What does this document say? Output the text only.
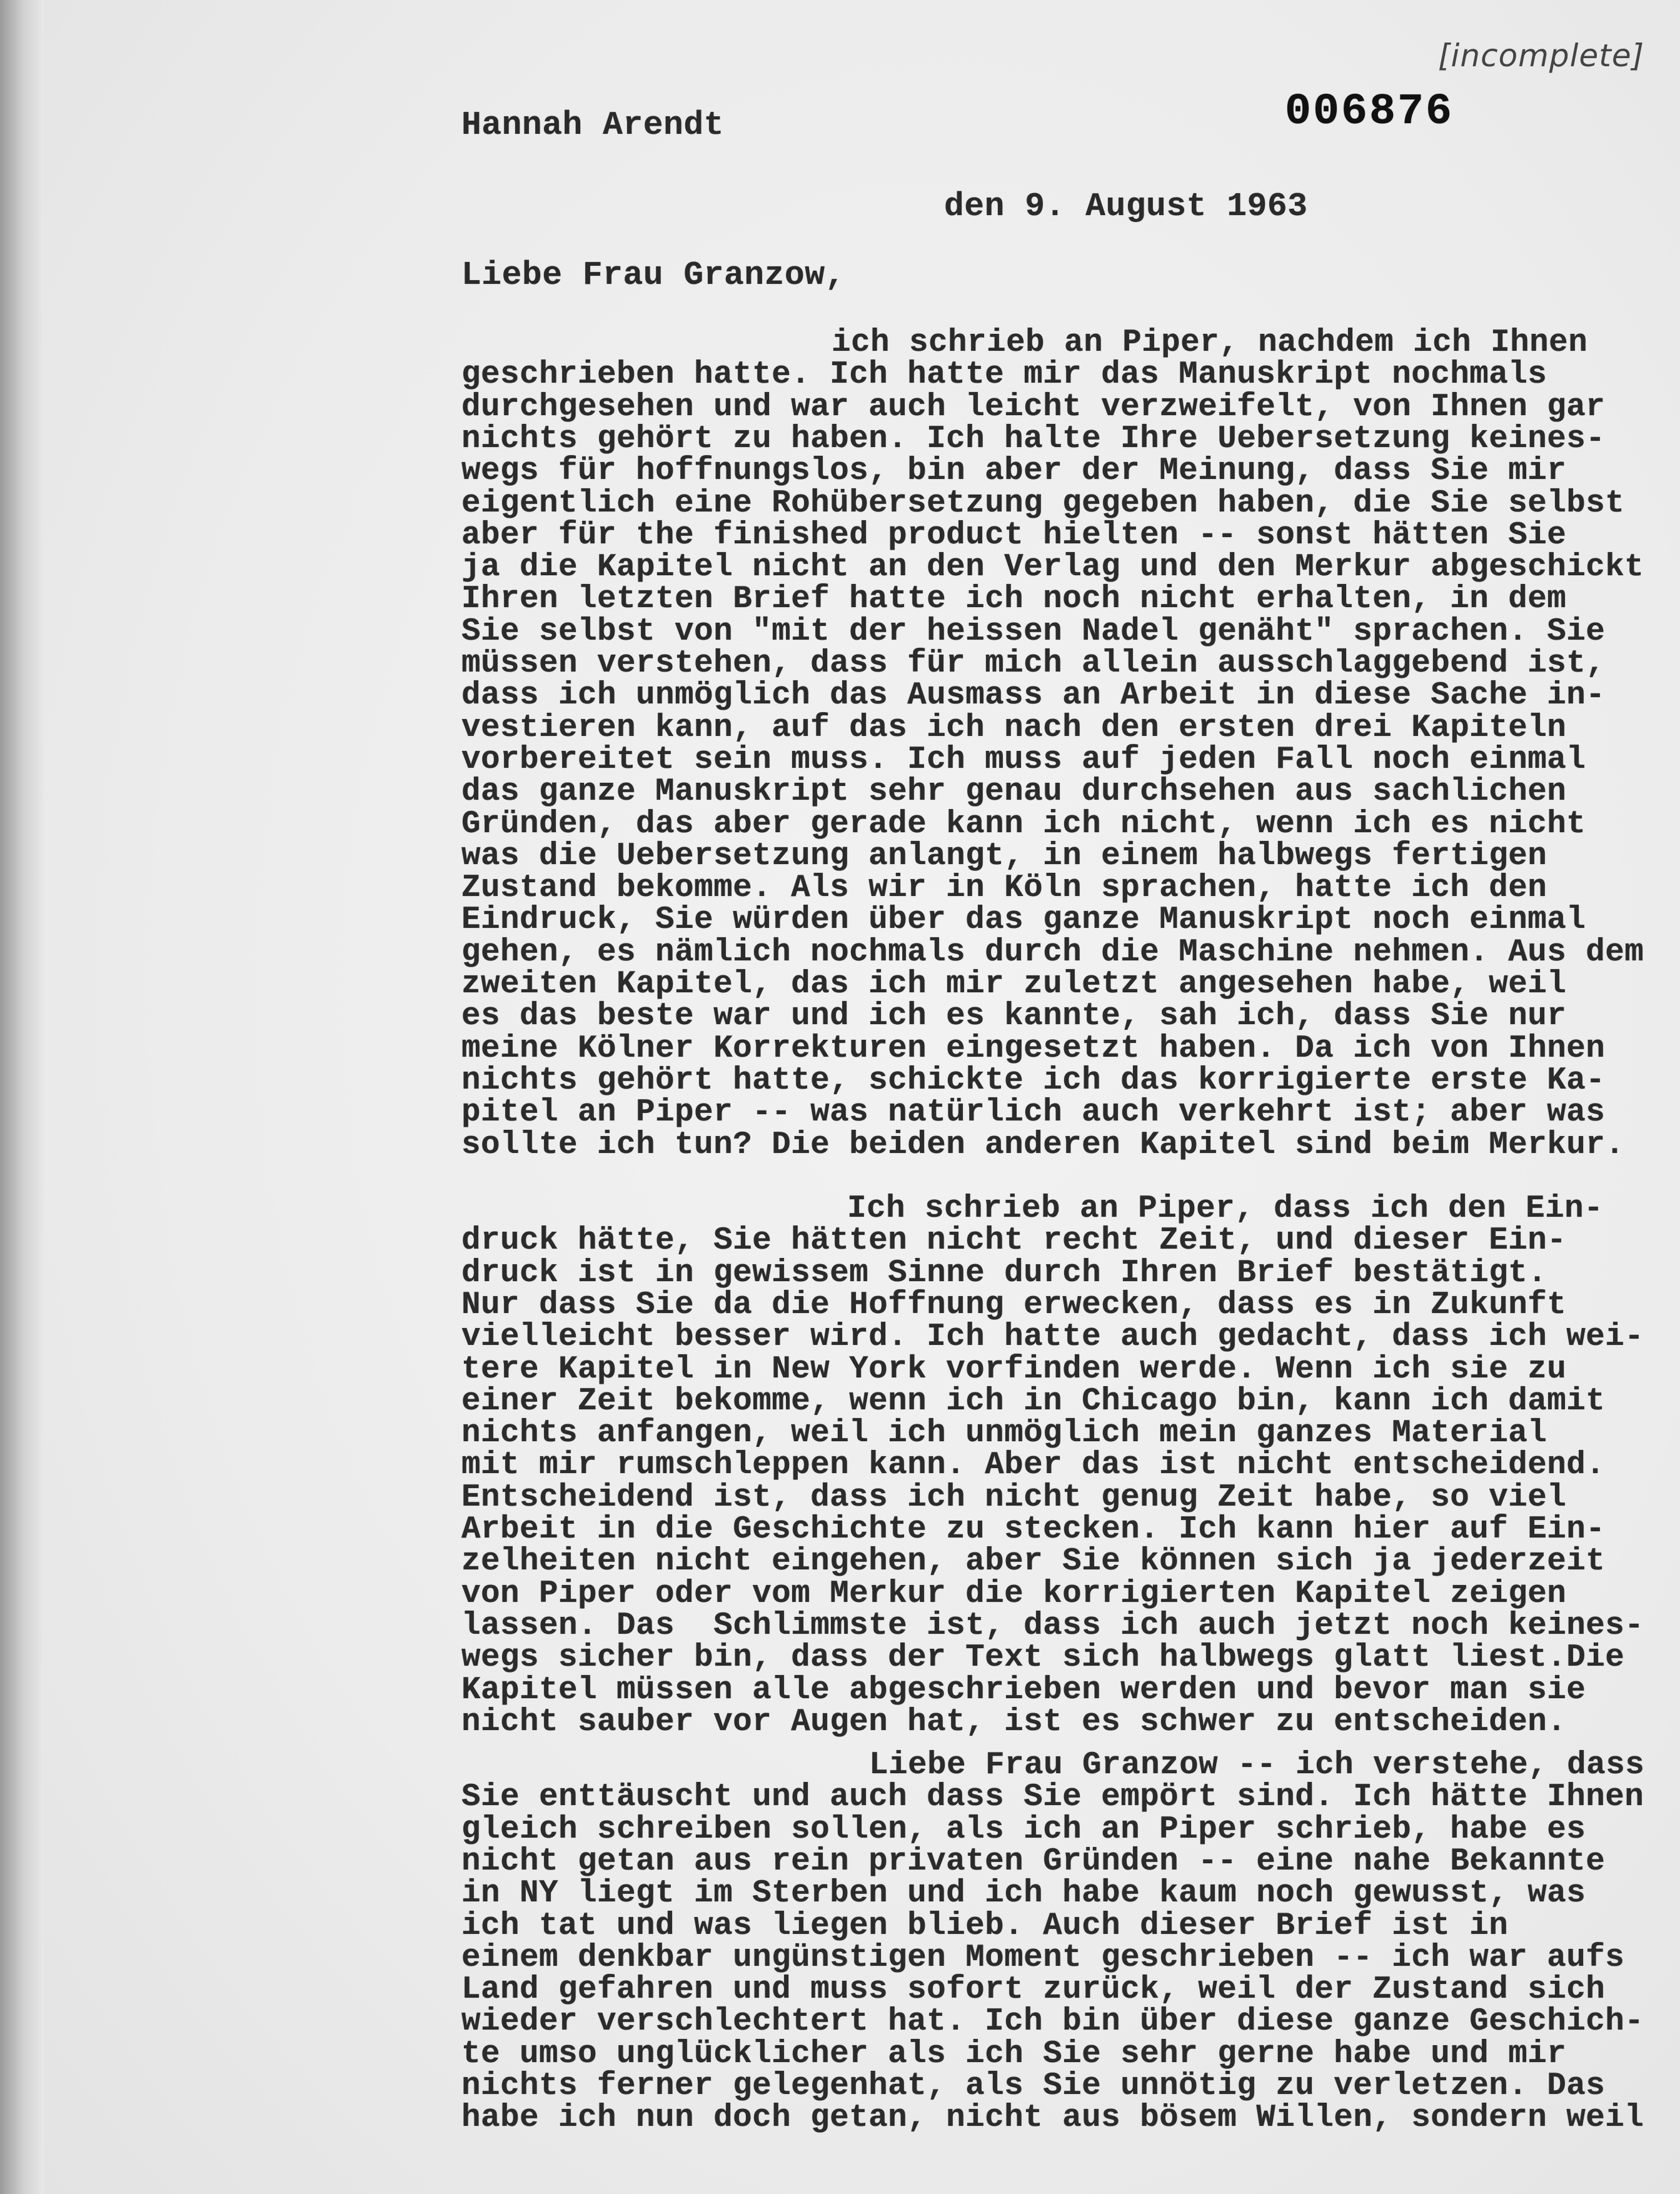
[incomplete]
Hannah Arendt	006876
den 9. August 1963
Liebe Frau Granzow,
ich schrieb an Piper, nachdem ich Ihnen
geschrieben hatte. Ich hatte mir das Manuskript nochmals
durchgesehen und war auch leicht verzweifelt, von Ihnen gar
nichts gehört zu haben. Ich halte Ihre Uebersetzung keines-
wegs für hoffnungslos, bin aber der Meinung, dass Sie mir
eigentlich eine Rohübersetzung gegeben haben, die Sie selbst
aber für the finished product hielten -- sonst hätten Sie
ja die Kapitel nicht an den Verlag und den Merkur abgeschickt
Ihren letzten Brief hatte ich noch nicht erhalten, in dem
Sie selbst von "mit der heissen Nadel genäht" sprachen. Sie
müssen verstehen, dass für mich allein ausschlaggebend ist,
dass ich unmöglich das Ausmass an Arbeit in diese Sache in-
vestieren kann, auf das ich nach den ersten drei Kapiteln
vorbereitet sein muss. Ich muss auf jeden Fall noch einmal
das ganze Manuskript sehr genau durchsehen aus sachlichen
Gründen, das aber gerade kann ich nicht, wenn ich es nicht
was die Uebersetzung anlangt, in einem halbwegs fertigen
Zustand bekomme. Als wir in Köln sprachen, hatte ich den
Eindruck, Sie würden über das ganze Manuskript noch einmal
gehen, es nämlich nochmals durch die Maschine nehmen. Aus dem
zweiten Kapitel, das ich mir zuletzt angesehen habe, weil
es das beste war und ich es kannte, sah ich, dass Sie nur
meine Kölner Korrekturen eingesetzt haben. Da ich von Ihnen
nichts gehört hatte, schickte ich das korrigierte erste Ka-
pitel an Piper -- was natürlich auch verkehrt ist; aber was
sollte ich tun? Die beiden anderen Kapitel sind beim Merkur.
Ich schrieb an Piper, dass ich den Ein-
druck hätte, Sie hätten nicht recht Zeit, und dieser Ein-
druck ist in gewissem Sinne durch Ihren Brief bestätigt.
Nur dass Sie da die Hoffnung erwecken, dass es in Zukunft
vielleicht besser wird. Ich hatte auch gedacht, dass ich wei-
tere Kapitel in New York vorfinden werde. Wenn ich sie zu
einer Zeit bekomme, wenn ich in Chicago bin, kann ich damit
nichts anfangen, weil ich unmöglich mein ganzes Material
mit mir rumschleppen kann. Aber das ist nicht entscheidend.
Entscheidend ist, dass ich nicht genug Zeit habe, so viel
Arbeit in die Geschichte zu stecken. Ich kann hier auf Ein-
zelheiten nicht eingehen, aber Sie können sich ja jederzeit
von Piper oder vom Merkur die korrigierten Kapitel zeigen
lassen. Das  Schlimmste ist, dass ich auch jetzt noch keines-
wegs sicher bin, dass der Text sich halbwegs glatt liest.Die
Kapitel müssen alle abgeschrieben werden und bevor man sie
nicht sauber vor Augen hat, ist es schwer zu entscheiden.
Liebe Frau Granzow -- ich verstehe, dass
Sie enttäuscht und auch dass Sie empört sind. Ich hätte Ihnen
gleich schreiben sollen, als ich an Piper schrieb, habe es
nicht getan aus rein privaten Gründen -- eine nahe Bekannte
in NY liegt im Sterben und ich habe kaum noch gewusst, was
ich tat und was liegen blieb. Auch dieser Brief ist in
einem denkbar ungünstigen Moment geschrieben -- ich war aufs
Land gefahren und muss sofort zurück, weil der Zustand sich
wieder verschlechtert hat. Ich bin über diese ganze Geschich-
te umso unglücklicher als ich Sie sehr gerne habe und mir
nichts ferner gelegenhat, als Sie unnötig zu verletzen. Das
habe ich nun doch getan, nicht aus bösem Willen, sondern weil
